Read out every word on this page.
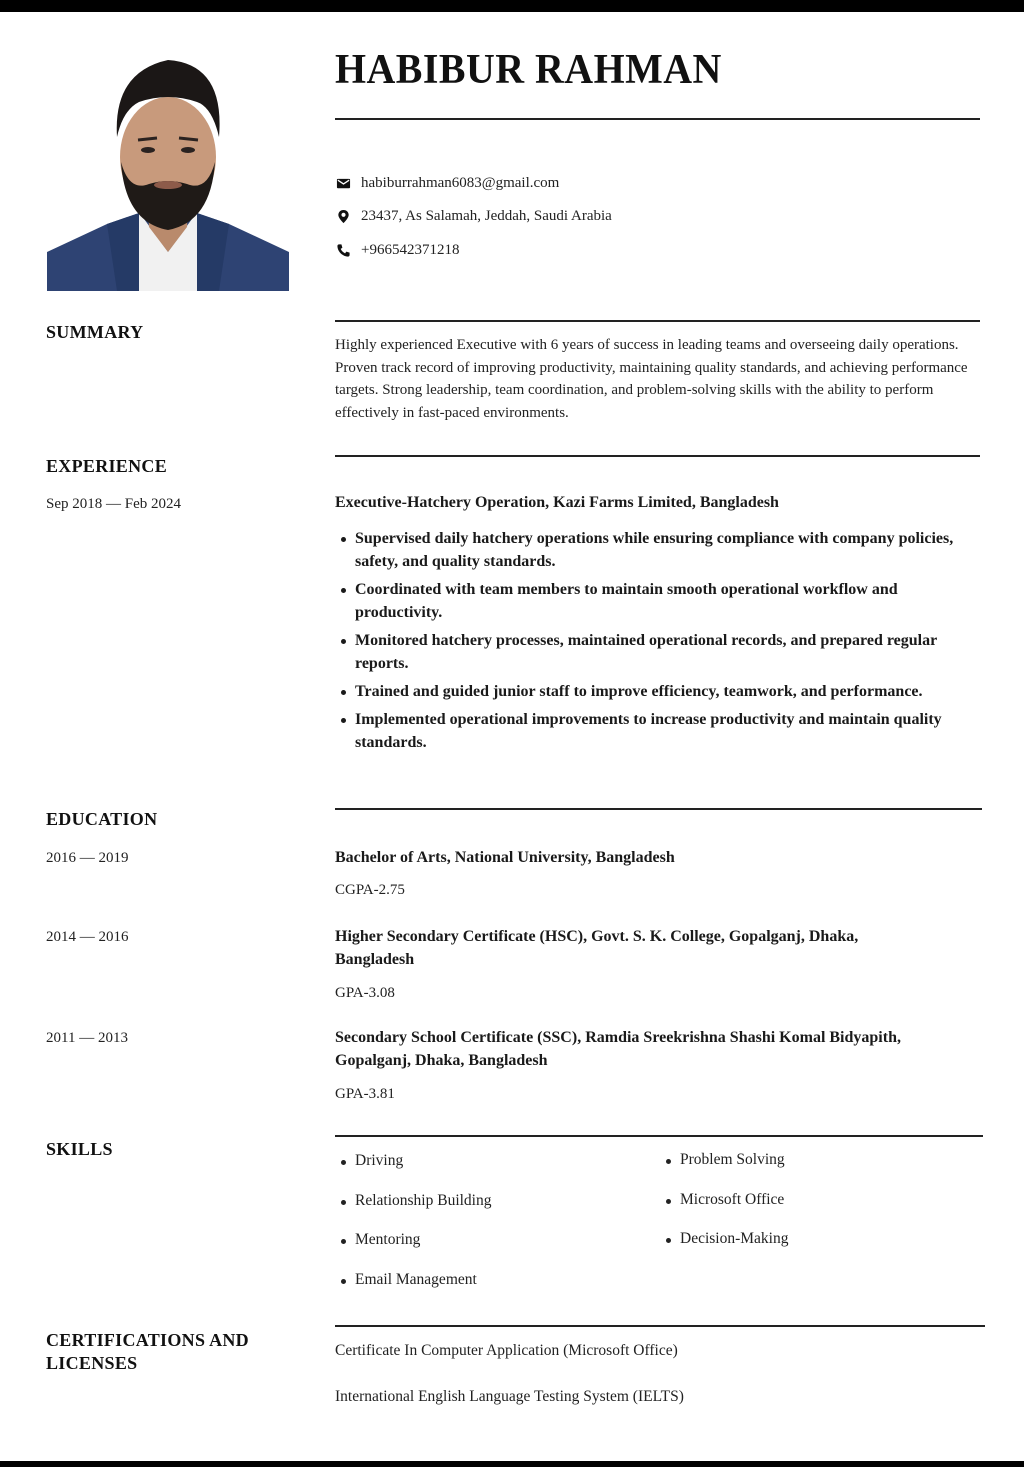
HABIBUR RAHMAN
habiburrahman6083@gmail.com
23437, As Salamah, Jeddah, Saudi Arabia
+966542371218
SUMMARY

Highly experienced Executive with 6 years of success in leading teams and overseeing daily operations. Proven track record of improving productivity, maintaining quality standards, and achieving performance targets. Strong leadership, team coordination, and problem-solving skills with the ability to perform effectively in fast-paced environments.

EXPERIENCE
Sep 2018 — Feb 2024	Executive-Hatchery Operation, Kazi Farms Limited, Bangladesh
Supervised daily hatchery operations while ensuring compliance with company policies, safety, and quality standards.
Coordinated with team members to maintain smooth operational workflow and productivity.
Monitored hatchery processes, maintained operational records, and prepared regular reports.
Trained and guided junior staff to improve efficiency, teamwork, and performance.
Implemented operational improvements to increase productivity and maintain quality standards.
EDUCATION
2016 — 2019	Bachelor of Arts, National University, Bangladesh
CGPA-2.75
2014 — 2016	Higher Secondary Certificate (HSC), Govt. S. K. College, Gopalganj, Dhaka, Bangladesh
GPA-3.08
2011 — 2013	Secondary School Certificate (SSC), Ramdia Sreekrishna Shashi Komal Bidyapith, Gopalganj, Dhaka, Bangladesh
GPA-3.81
SKILLS
Driving
Relationship Building
Mentoring
Email Management
Problem Solving
Microsoft Office
Decision-Making
CERTIFICATIONS AND
LICENSES
Certificate In Computer Application (Microsoft Office)
International English Language Testing System (IELTS)
